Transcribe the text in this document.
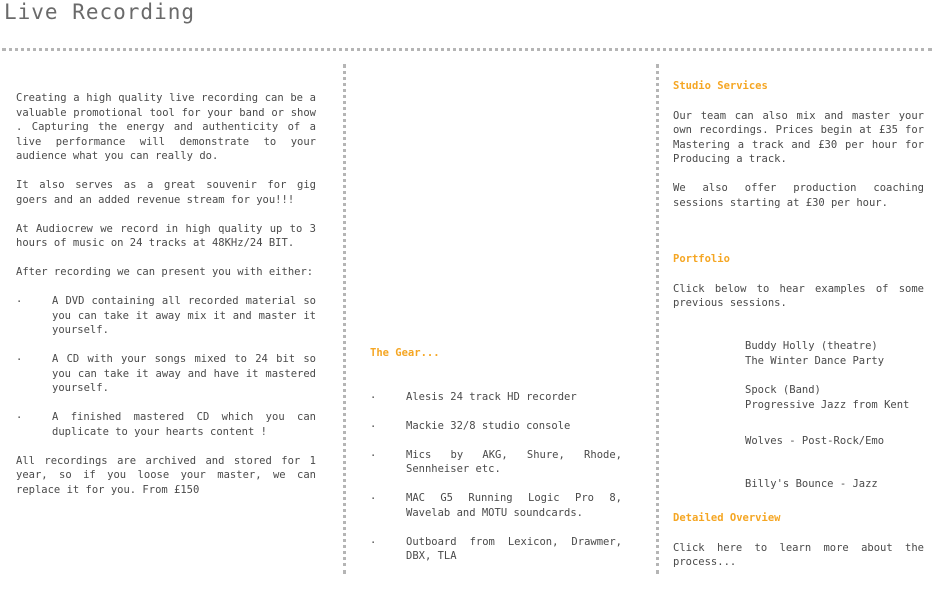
Live Recording

Creating a high quality live recording can be a valuable promotional tool for your band or show . Capturing the energy and authenticity of a live performance will demonstrate to your audience what you can really do.

It also serves as a great souvenir for gig goers and an added revenue stream for you!!!

At Audiocrew we record in high quality up to 3 hours of music on 24 tracks at 48KHz/24 BIT.

After recording we can present you with either:

. A DVD containing all recorded material so you can take it away mix it and master it yourself.
. A CD with your songs mixed to 24 bit so you can take it away and have it mastered yourself.
. A finished mastered CD which you can duplicate to your hearts content !

All recordings are archived and stored for 1 year, so if you loose your master, we can replace it for you. From £150

The Gear...

. Alesis 24 track HD recorder
. Mackie 32/8 studio console
. Mics by AKG, Shure, Rhode, Sennheiser etc.
. MAC G5 Running Logic Pro 8, Wavelab and MOTU soundcards.
. Outboard from Lexicon, Drawmer, DBX, TLA

Studio Services

Our team can also mix and master your own recordings. Prices begin at £35 for Mastering a track and £30 per hour for Producing a track.

We also offer production coaching sessions starting at £30 per hour.

Portfolio

Click below to hear examples of some previous sessions.

Buddy Holly (theatre)
The Winter Dance Party
Spock (Band)
Progressive Jazz from Kent
Wolves - Post-Rock/Emo
Billy's Bounce - Jazz

Detailed Overview

Click here to learn more about the process...
